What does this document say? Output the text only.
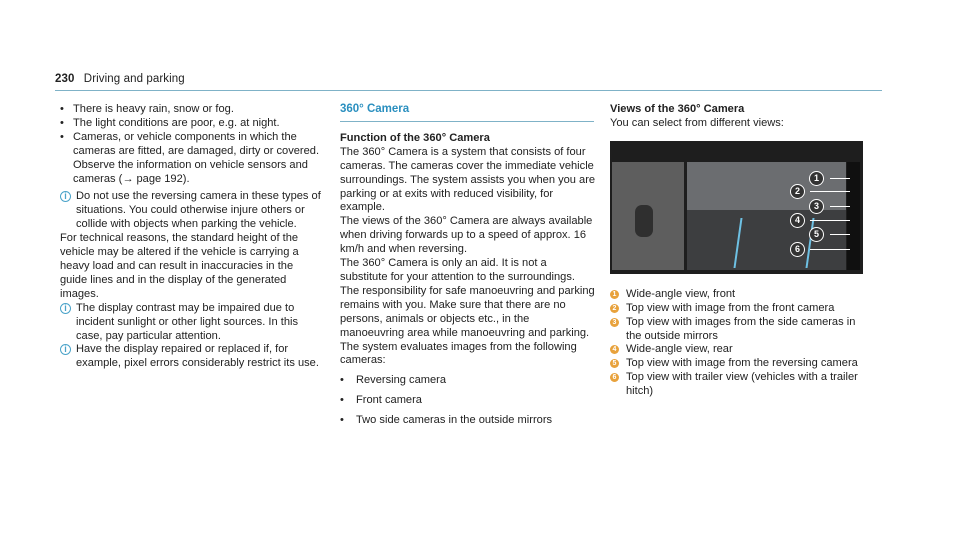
230 Driving and parking
• There is heavy rain, snow or fog.
• The light conditions are poor, e.g. at night.
• Cameras, or vehicle components in which the cameras are fitted, are damaged, dirty or covered. Observe the information on vehicle sensors and cameras (→ page 192).
i Do not use the reversing camera in these types of situations. You could otherwise injure others or collide with objects when parking the vehicle.

For technical reasons, the standard height of the vehicle may be altered if the vehicle is carrying a heavy load and can result in inaccuracies in the guide lines and in the display of the generated images.

i The display contrast may be impaired due to incident sunlight or other light sources. In this case, pay particular attention.
i Have the display repaired or replaced if, for example, pixel errors considerably restrict its use.
360° Camera
Function of the 360° Camera

The 360° Camera is a system that consists of four cameras. The cameras cover the immediate vehicle surroundings. The system assists you when you are parking or at exits with reduced visibility, for example.

The views of the 360° Camera are always available when driving forwards up to a speed of approx. 16 km/h and when reversing.

The 360° Camera is only an aid. It is not a substitute for your attention to the surroundings. The responsibility for safe manoeuvring and parking remains with you. Make sure that there are no persons, animals or objects etc., in the manoeuvring area while manoeuvring and parking.

The system evaluates images from the following cameras:

• Reversing camera
• Front camera
• Two side cameras in the outside mirrors
Views of the 360° Camera

You can select from different views:

1
2
3
4
5
6
1 Wide-angle view, front
2 Top view with image from the front camera
3 Top view with images from the side cameras in the outside mirrors
4 Wide-angle view, rear
5 Top view with image from the reversing camera
6 Top view with trailer view (vehicles with a trailer hitch)
